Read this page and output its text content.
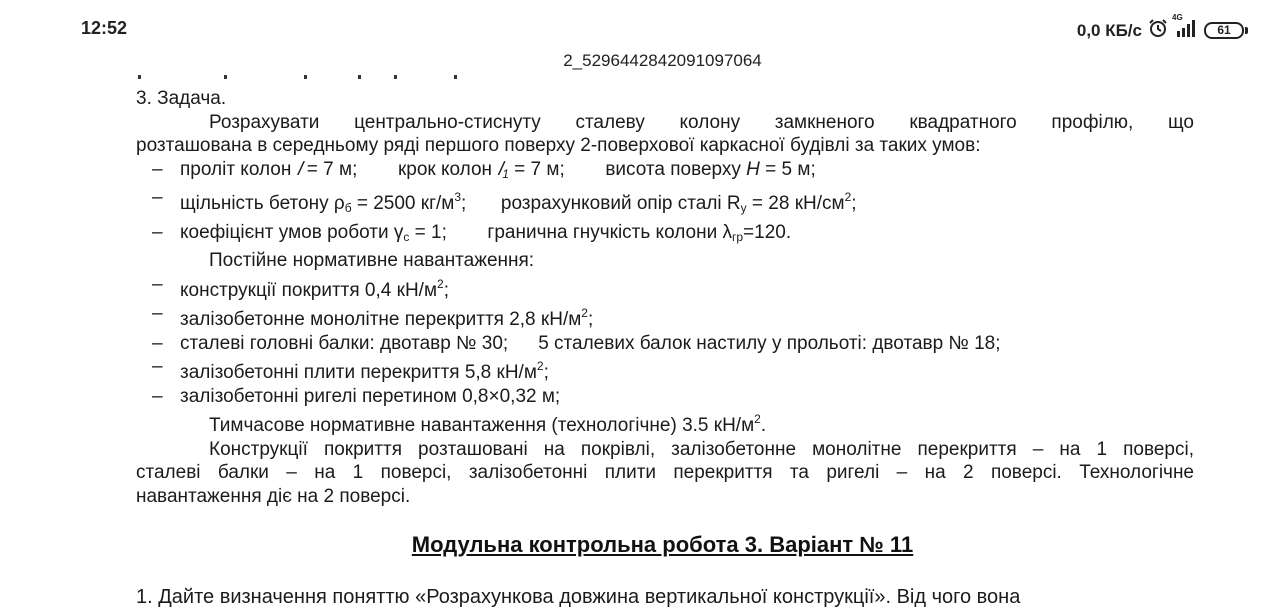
12:52	0,0 КБ/с
4G
61
2_5296442842091097064

3. Задача.

Розрахувати центрально-стиснуту сталеву колону замкненого квадратного профілю, що

розташована в середньому ряді першого поверху 2-поверхової каркасної будівлі за таких умов:

– проліт колон 𝑙 = 7 м; крок колон 𝑙$_1$ = 7 м; висота поверху H = 5 м;
– щільність бетону $\rho_б = 2500$ $кг/м^3$; розрахунковий опір сталі $R_y = 28$ $кН/см^2$;
– коефіцієнт умов роботи $\gamma_c = 1$; гранична гнучкість колони $\lambda_{гр}=120$.

Постійне нормативне навантаження:

– конструкції покриття 0,4 $кН/м^2$;
– залізобетонне монолітне перекриття 2,8 $кН/м^2$;
– сталеві головні балки: двотавр № 30; 5 сталевих балок настилу у прольоті: двотавр № 18;
– залізобетонні плити перекриття 5,8 $кН/м^2$;
– залізобетонні ригелі перетином 0,8×0,32 м;

Тимчасове нормативне навантаження (технологічне) 3.5 $кН/м^2$.

Конструкції покриття розташовані на покрівлі, залізобетонне монолітне перекриття – на 1 поверсі,

сталеві балки – на 1 поверсі, залізобетонні плити перекриття та ригелі – на 2 поверсі. Технологічне

навантаження діє на 2 поверсі.

Модульна контрольна робота 3. Варіант № 11
1. Дайте визначення поняттю «Розрахункова довжина вертикальної конструкції». Від чого вона
